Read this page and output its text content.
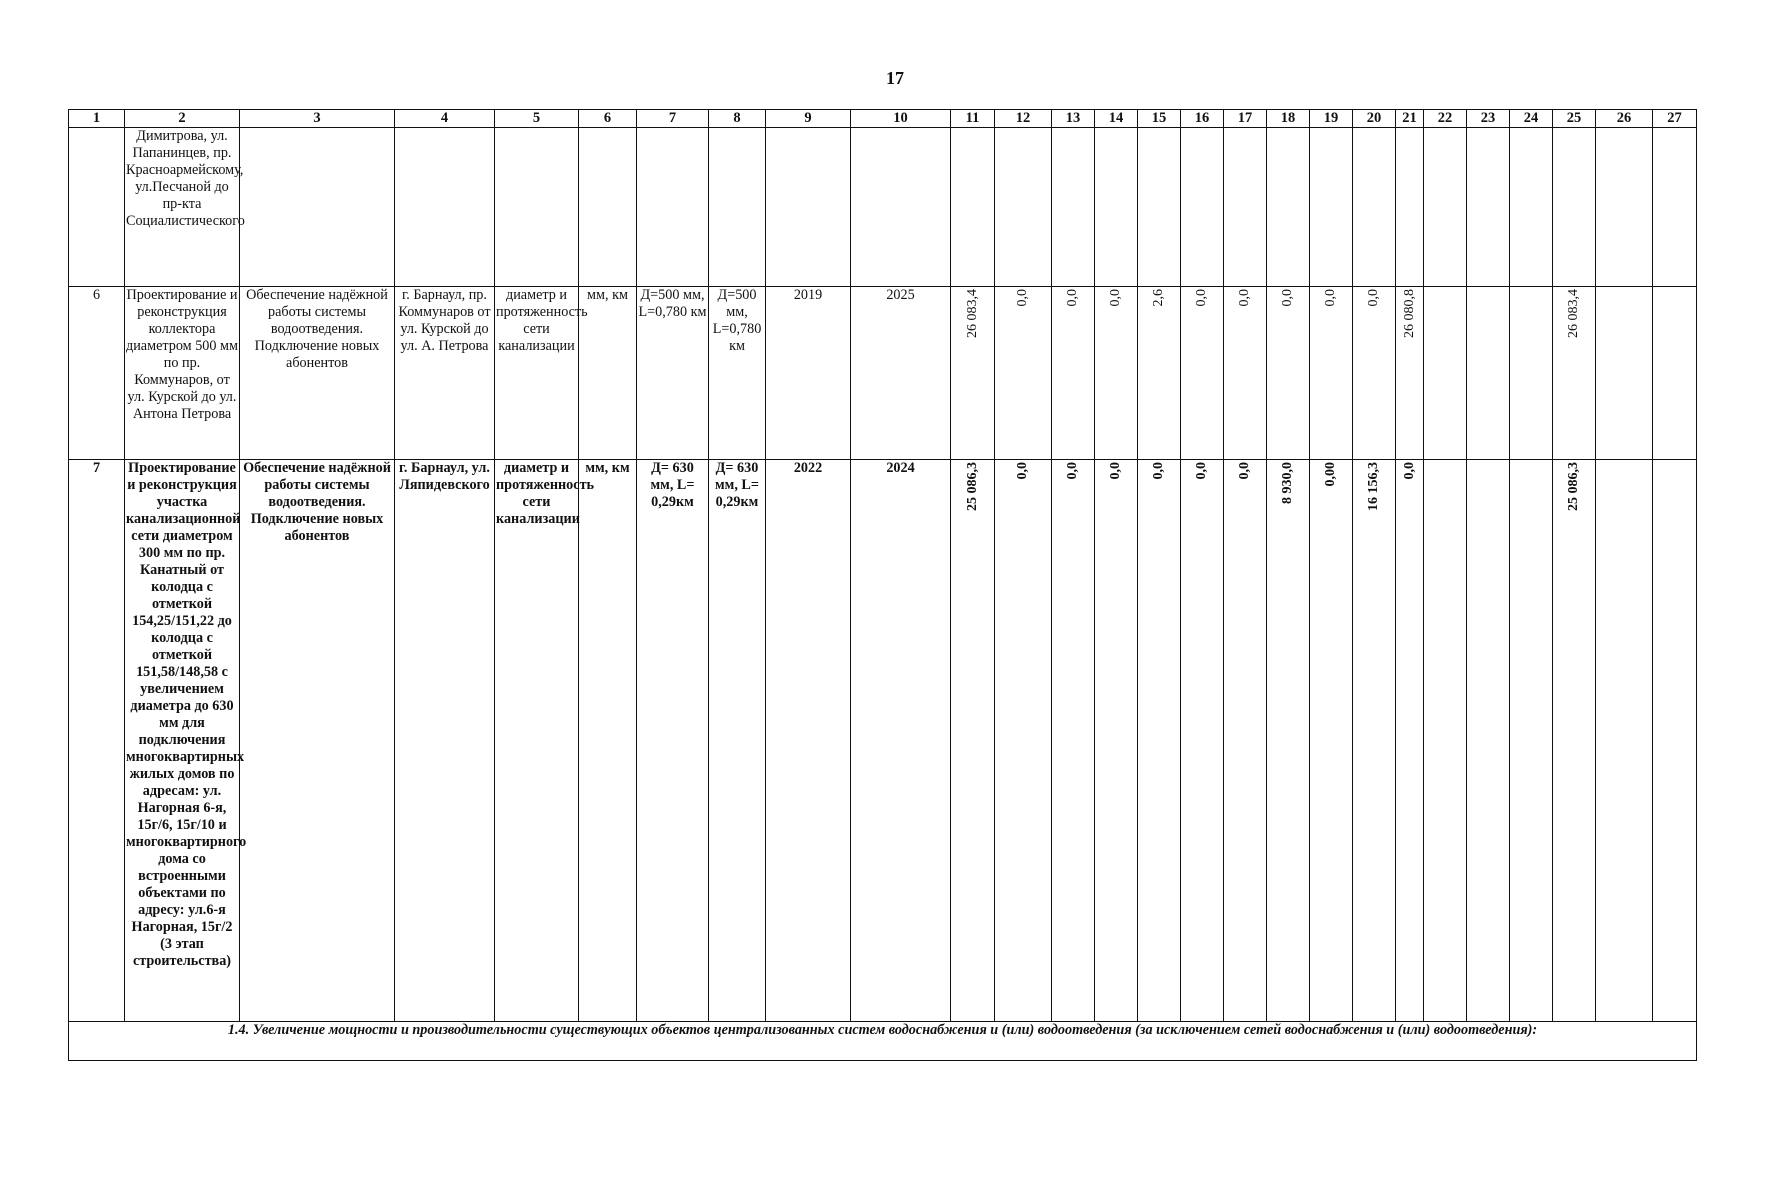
17
1	2	3	4	5	6	7	8	9	10	11	12	13	14	15	16	17	18	19	20	21	22	23	24	25	26	27
	Димитрова, ул. Папанинцев, пр. Красноармейскому, ул.Песчаной до пр-кта Социалистического																									
6	Проектирование и реконструкция коллектора диаметром 500 мм по пр. Коммунаров, от ул. Курской до ул. Антона Петрова	Обеспечение надёжной работы системы водоотведения. Подключение новых абонентов	г. Барнаул, пр. Коммунаров от ул. Курской до ул. А. Петрова	диаметр и протяженность сети канализации	мм, км	Д=500 мм, L=0,780 км	Д=500 мм, L=0,780 км	2019	2025	26 083,4	0,0	0,0	0,0	2,6	0,0	0,0	0,0	0,0	0,0	26 080,8				26 083,4		
7	Проектирование и реконструкция участка канализационной сети диаметром 300 мм по пр. Канатный от колодца с отметкой 154,25/151,22 до колодца с отметкой 151,58/148,58 с увеличением диаметра до 630 мм для подключения многоквартирных жилых домов по адресам: ул. Нагорная 6-я, 15г/6, 15г/10 и многоквартирного дома со встроенными объектами по адресу: ул.6-я Нагорная, 15г/2 (3 этап строительства)	Обеспечение надёжной работы системы водоотведения. Подключение новых абонентов	г. Барнаул, ул. Ляпидевского	диаметр и протяженность сети канализации	мм, км	Д= 630 мм, L= 0,29км	Д= 630 мм, L= 0,29км	2022	2024	25 086,3	0,0	0,0	0,0	0,0	0,0	0,0	8 930,0	0,00	16 156,3	0,0				25 086,3		
1.4. Увеличение мощности и производительности существующих объектов централизованных систем водоснабжения и (или) водоотведения (за исключением сетей водоснабжения и (или) водоотведения):																										
